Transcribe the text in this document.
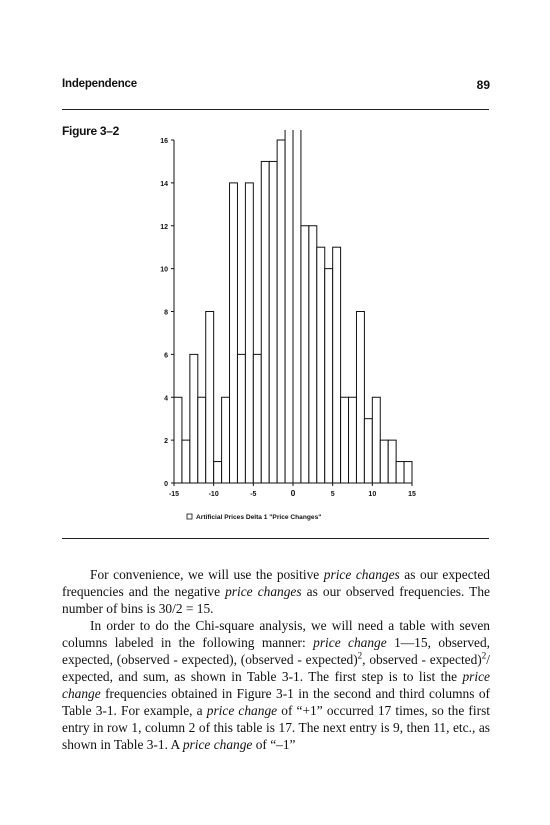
Independence	89
Figure 3–2
0
2
4
6
8
10
12
14
16
-15	-10	-5	0	5	10	15
Artificial Prices Delta 1 "Price Changes"

For convenience, we will use the positive price changes as our expected frequencies and the negative price changes as our observed frequencies. The number of bins is 30/2 = 15.

In order to do the Chi-square analysis, we will need a table with seven columns labeled in the following manner: price change 1—15, observed, expected, (observed - expected), (observed - expected)$^2$, observed - expected)$^2$/ expected, and sum, as shown in Table 3-1. The first step is to list the price change frequencies obtained in Figure 3-1 in the second and third columns of Table 3-1. For example, a price change of “+1” occurred 17 times, so the first entry in row 1, column 2 of this table is 17. The next entry is 9, then 11, etc., as shown in Table 3-1. A price change of “–1”
